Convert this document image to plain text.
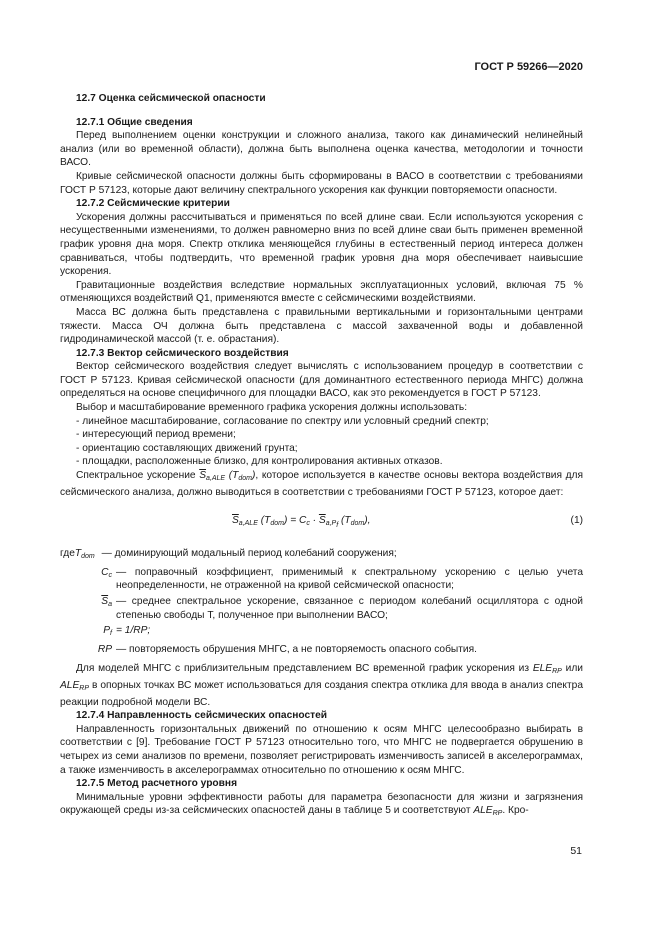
ГОСТ Р 59266—2020

12.7 Оценка сейсмической опасности

12.7.1 Общие сведения

Перед выполнением оценки конструкции и сложного анализа, такого как динамический нелинейный анализ (или во временной области), должна быть выполнена оценка качества, методологии и точности ВАСО.

Кривые сейсмической опасности должны быть сформированы в ВАСО в соответствии с требованиями ГОСТ Р 57123, которые дают величину спектрального ускорения как функции повторяемости опасности.

12.7.2 Сейсмические критерии

Ускорения должны рассчитываться и применяться по всей длине сваи. Если используются ускорения с несущественными изменениями, то должен равномерно вниз по всей длине сваи быть применен временной график уровня дна моря. Спектр отклика меняющейся глубины в естественный период интереса должен сравниваться, чтобы подтвердить, что временной график уровня дна моря обеспечивает наивысшие ускорения.

Гравитационные воздействия вследствие нормальных эксплуатационных условий, включая 75 % отменяющихся воздействий Q1, применяются вместе с сейсмическими воздействиями.

Масса ВС должна быть представлена с правильными вертикальными и горизонтальными центрами тяжести. Масса ОЧ должна быть представлена с массой захваченной воды и добавленной гидродинамической массой (т. е. обрастания).

12.7.3 Вектор сейсмического воздействия

Вектор сейсмического воздействия следует вычислять с использованием процедур в соответствии с ГОСТ Р 57123. Кривая сейсмической опасности (для доминантного естественного периода МНГС) должна определяться на основе специфичного для площадки ВАСО, как это рекомендуется в ГОСТ Р 57123.

Выбор и масштабирование временного графика ускорения должны использовать:

- линейное масштабирование, согласование по спектру или условный средний спектр;
- интересующий период времени;
- ориентацию составляющих движений грунта;
- площадки, расположенные близко, для контролирования активных отказов.

Спектральное ускорение $\overline{S}_{a,ALE}$ $(T_{dom})$, которое используется в качестве основы вектора воздействия для сейсмического анализа, должно выводиться в соответствии с требованиями ГОСТ Р 57123, которое дает:

$\overline{S}_{a,ALE}$ $(T_{dom}) = C_c \cdot \overline{S}_{a,P_f}$ $(T_{dom})$,	(1)
гдеT$_{dom}$ — доминирующий модальный период колебаний сооружения;
$C_c$ — поправочный коэффициент, применимый к спектральному ускорению с целью учета неопределенности, не отраженной на кривой сейсмической опасности;
$\overline{S}_a$ — среднее спектральное ускорение, связанное с периодом колебаний осциллятора с одной степенью свободы T, полученное при выполнении ВАСО;
$P_f = 1/RP$;
RP — повторяемость обрушения МНГС, а не повторяемость опасного события.

Для моделей МНГС с приблизительным представлением ВС временной график ускорения из $ELE_{RP}$ или $ALE_{RP}$ в опорных точках ВС может использоваться для создания спектра отклика для ввода в анализ спектра реакции подробной модели ВС.

12.7.4 Направленность сейсмических опасностей

Направленность горизонтальных движений по отношению к осям МНГС целесообразно выбирать в соответствии с [9]. Требование ГОСТ Р 57123 относительно того, что МНГС не подвергается обрушению в четырех из семи анализов по времени, позволяет регистрировать изменчивость записей в акселерограммах, а также изменчивость в акселерограммах относительно по отношению к осям МНГС.

12.7.5 Метод расчетного уровня

Минимальные уровни эффективности работы для параметра безопасности для жизни и загрязнения окружающей среды из-за сейсмических опасностей даны в таблице 5 и соответствуют $ALE_{RP}$. Кро-

51
